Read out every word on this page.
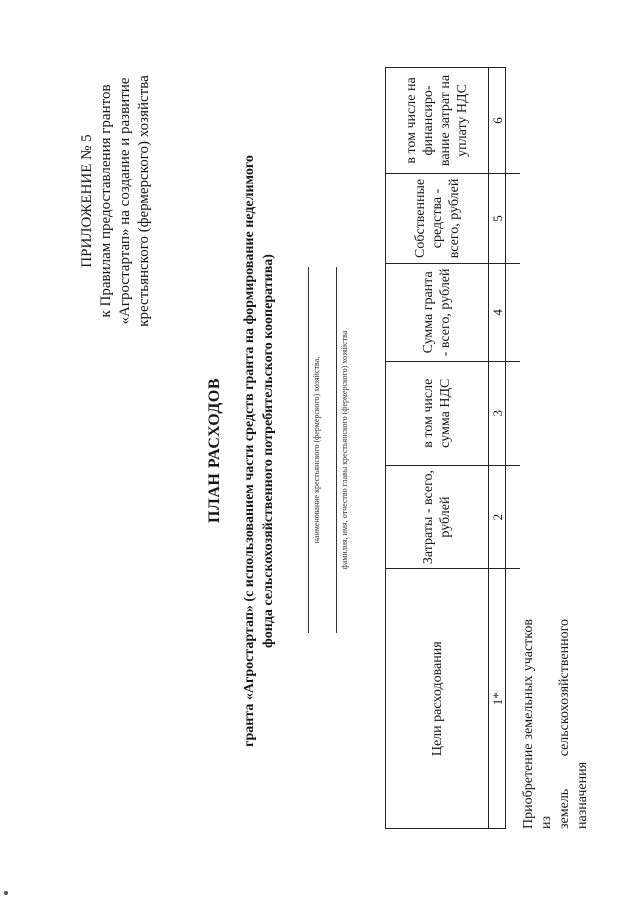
ПРИЛОЖЕНИЕ № 5 к Правилам предоставления грантов «Агростартап» на создание и развитие крестьянского (фермерского) хозяйства
ПЛАН РАСХОДОВ гранта «Агростартап» (с использованием части средств гранта на формирование неделимого фонда сельскохозяйственного потребительского кооператива)	наименование крестьянского (фермерского) хозяйства, фамилия, имя, отчество главы крестьянского (фермерского) хозяйства
Цели расходования	Затраты - всего, рублей	в том числе сумма НДС	Сумма гранта - всего, рублей	Собственные средства - всего, рублей	в том числе на финансиро-вание затрат на уплату НДС
1*	2	3	4	5	6

Приобретение земельных участков из земель сельскохозяйственного назначения
